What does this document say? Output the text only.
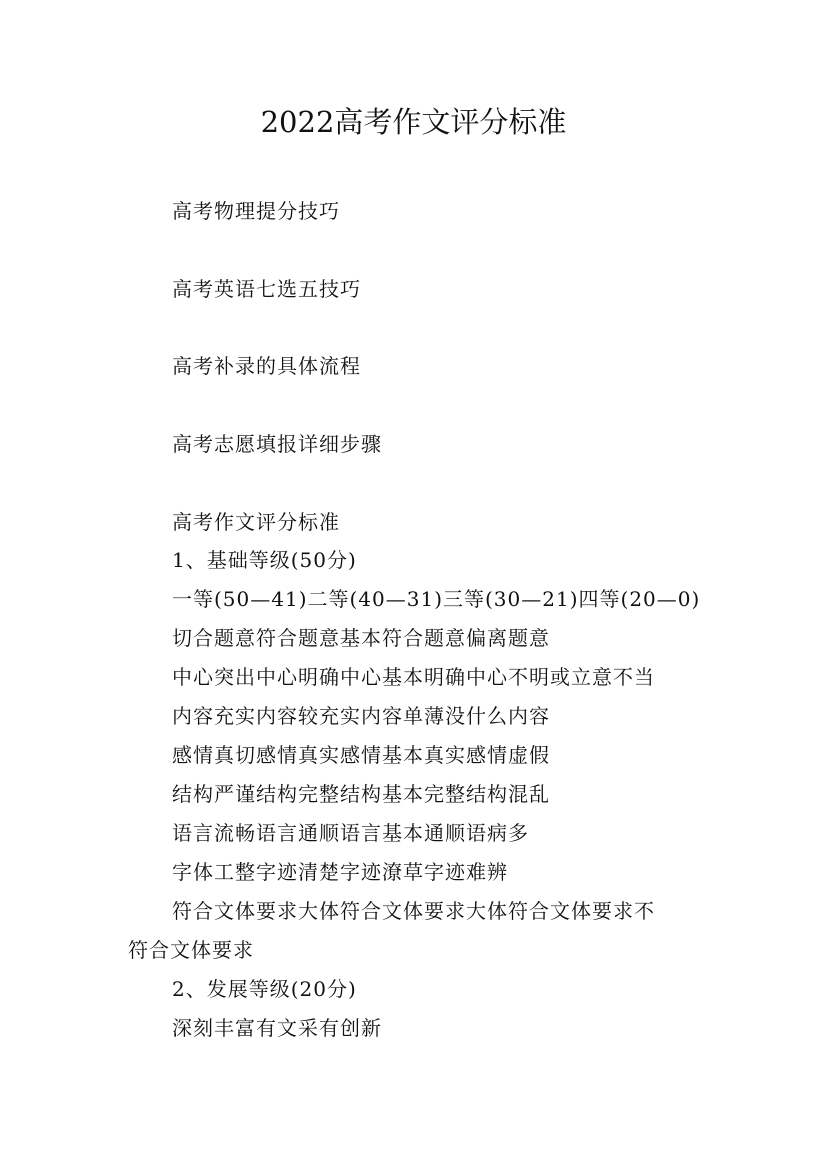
2022高考作文评分标准
高考物理提分技巧
高考英语七选五技巧
高考补录的具体流程
高考志愿填报详细步骤
高考作文评分标准
1、基础等级(50分)
一等(50—41)二等(40—31)三等(30—21)四等(20—0)
切合题意符合题意基本符合题意偏离题意
中心突出中心明确中心基本明确中心不明或立意不当
内容充实内容较充实内容单薄没什么内容
感情真切感情真实感情基本真实感情虚假
结构严谨结构完整结构基本完整结构混乱
语言流畅语言通顺语言基本通顺语病多
字体工整字迹清楚字迹潦草字迹难辨
符合文体要求大体符合文体要求大体符合文体要求不
符合文体要求
2、发展等级(20分)
深刻丰富有文采有创新
